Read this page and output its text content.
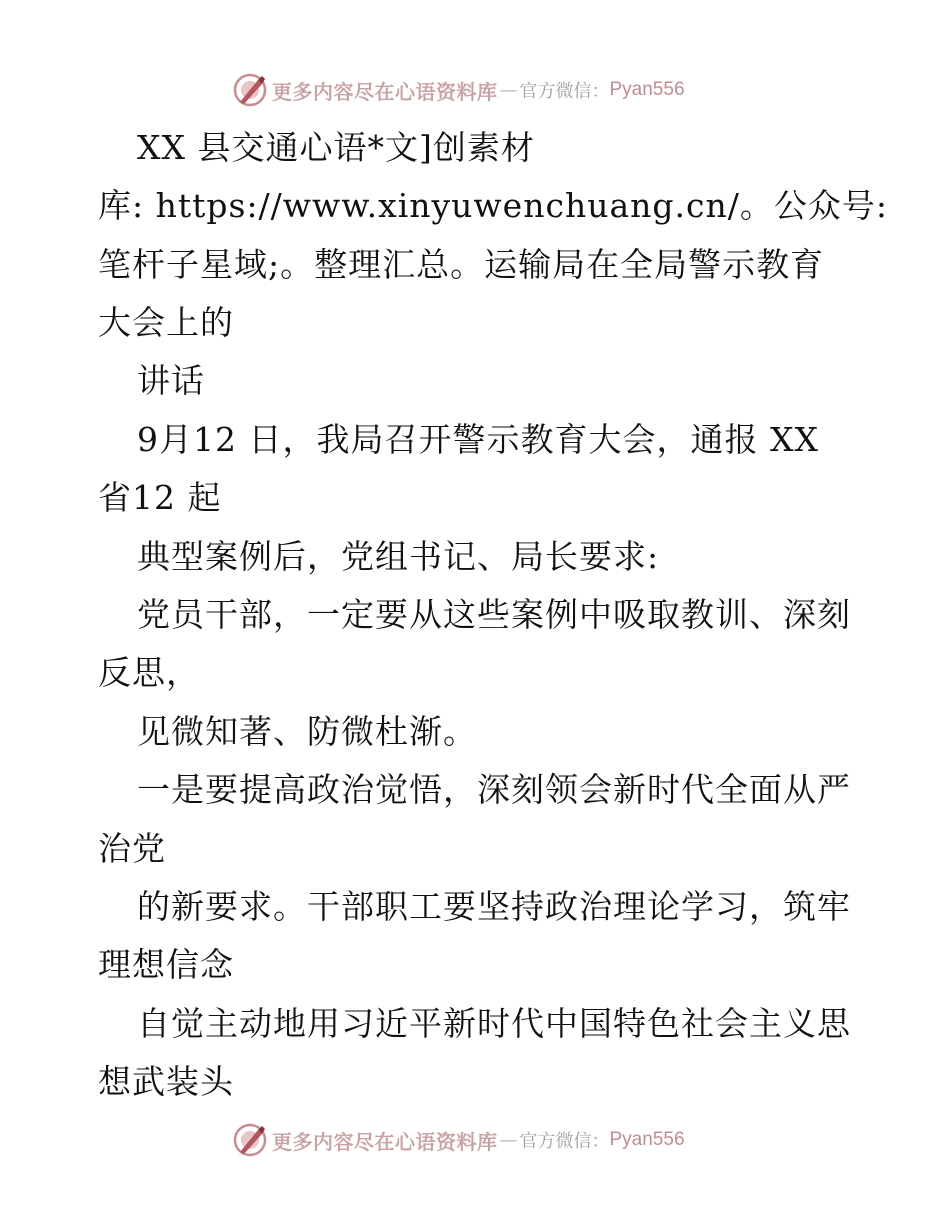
更多内容尽在心语资料库 — 官方微信： Pyan556
XX 县交通心语*文]创素材
库: https://www.xinyuwenchuang.cn/。公众号:
笔杆子星域;。整理汇总。运输局在全局警示教育
大会上的
讲话
9月12 日，我局召开警示教育大会，通报 XX
省12 起
典型案例后，党组书记、局长要求:
党员干部，一定要从这些案例中吸取教训、深刻
反思，
见微知著、防微杜渐。
一是要提高政治觉悟，深刻领会新时代全面从严
治党
的新要求。干部职工要坚持政治理论学习，筑牢
理想信念
自觉主动地用习近平新时代中国特色社会主义思
想武装头
更多内容尽在心语资料库 — 官方微信： Pyan556
